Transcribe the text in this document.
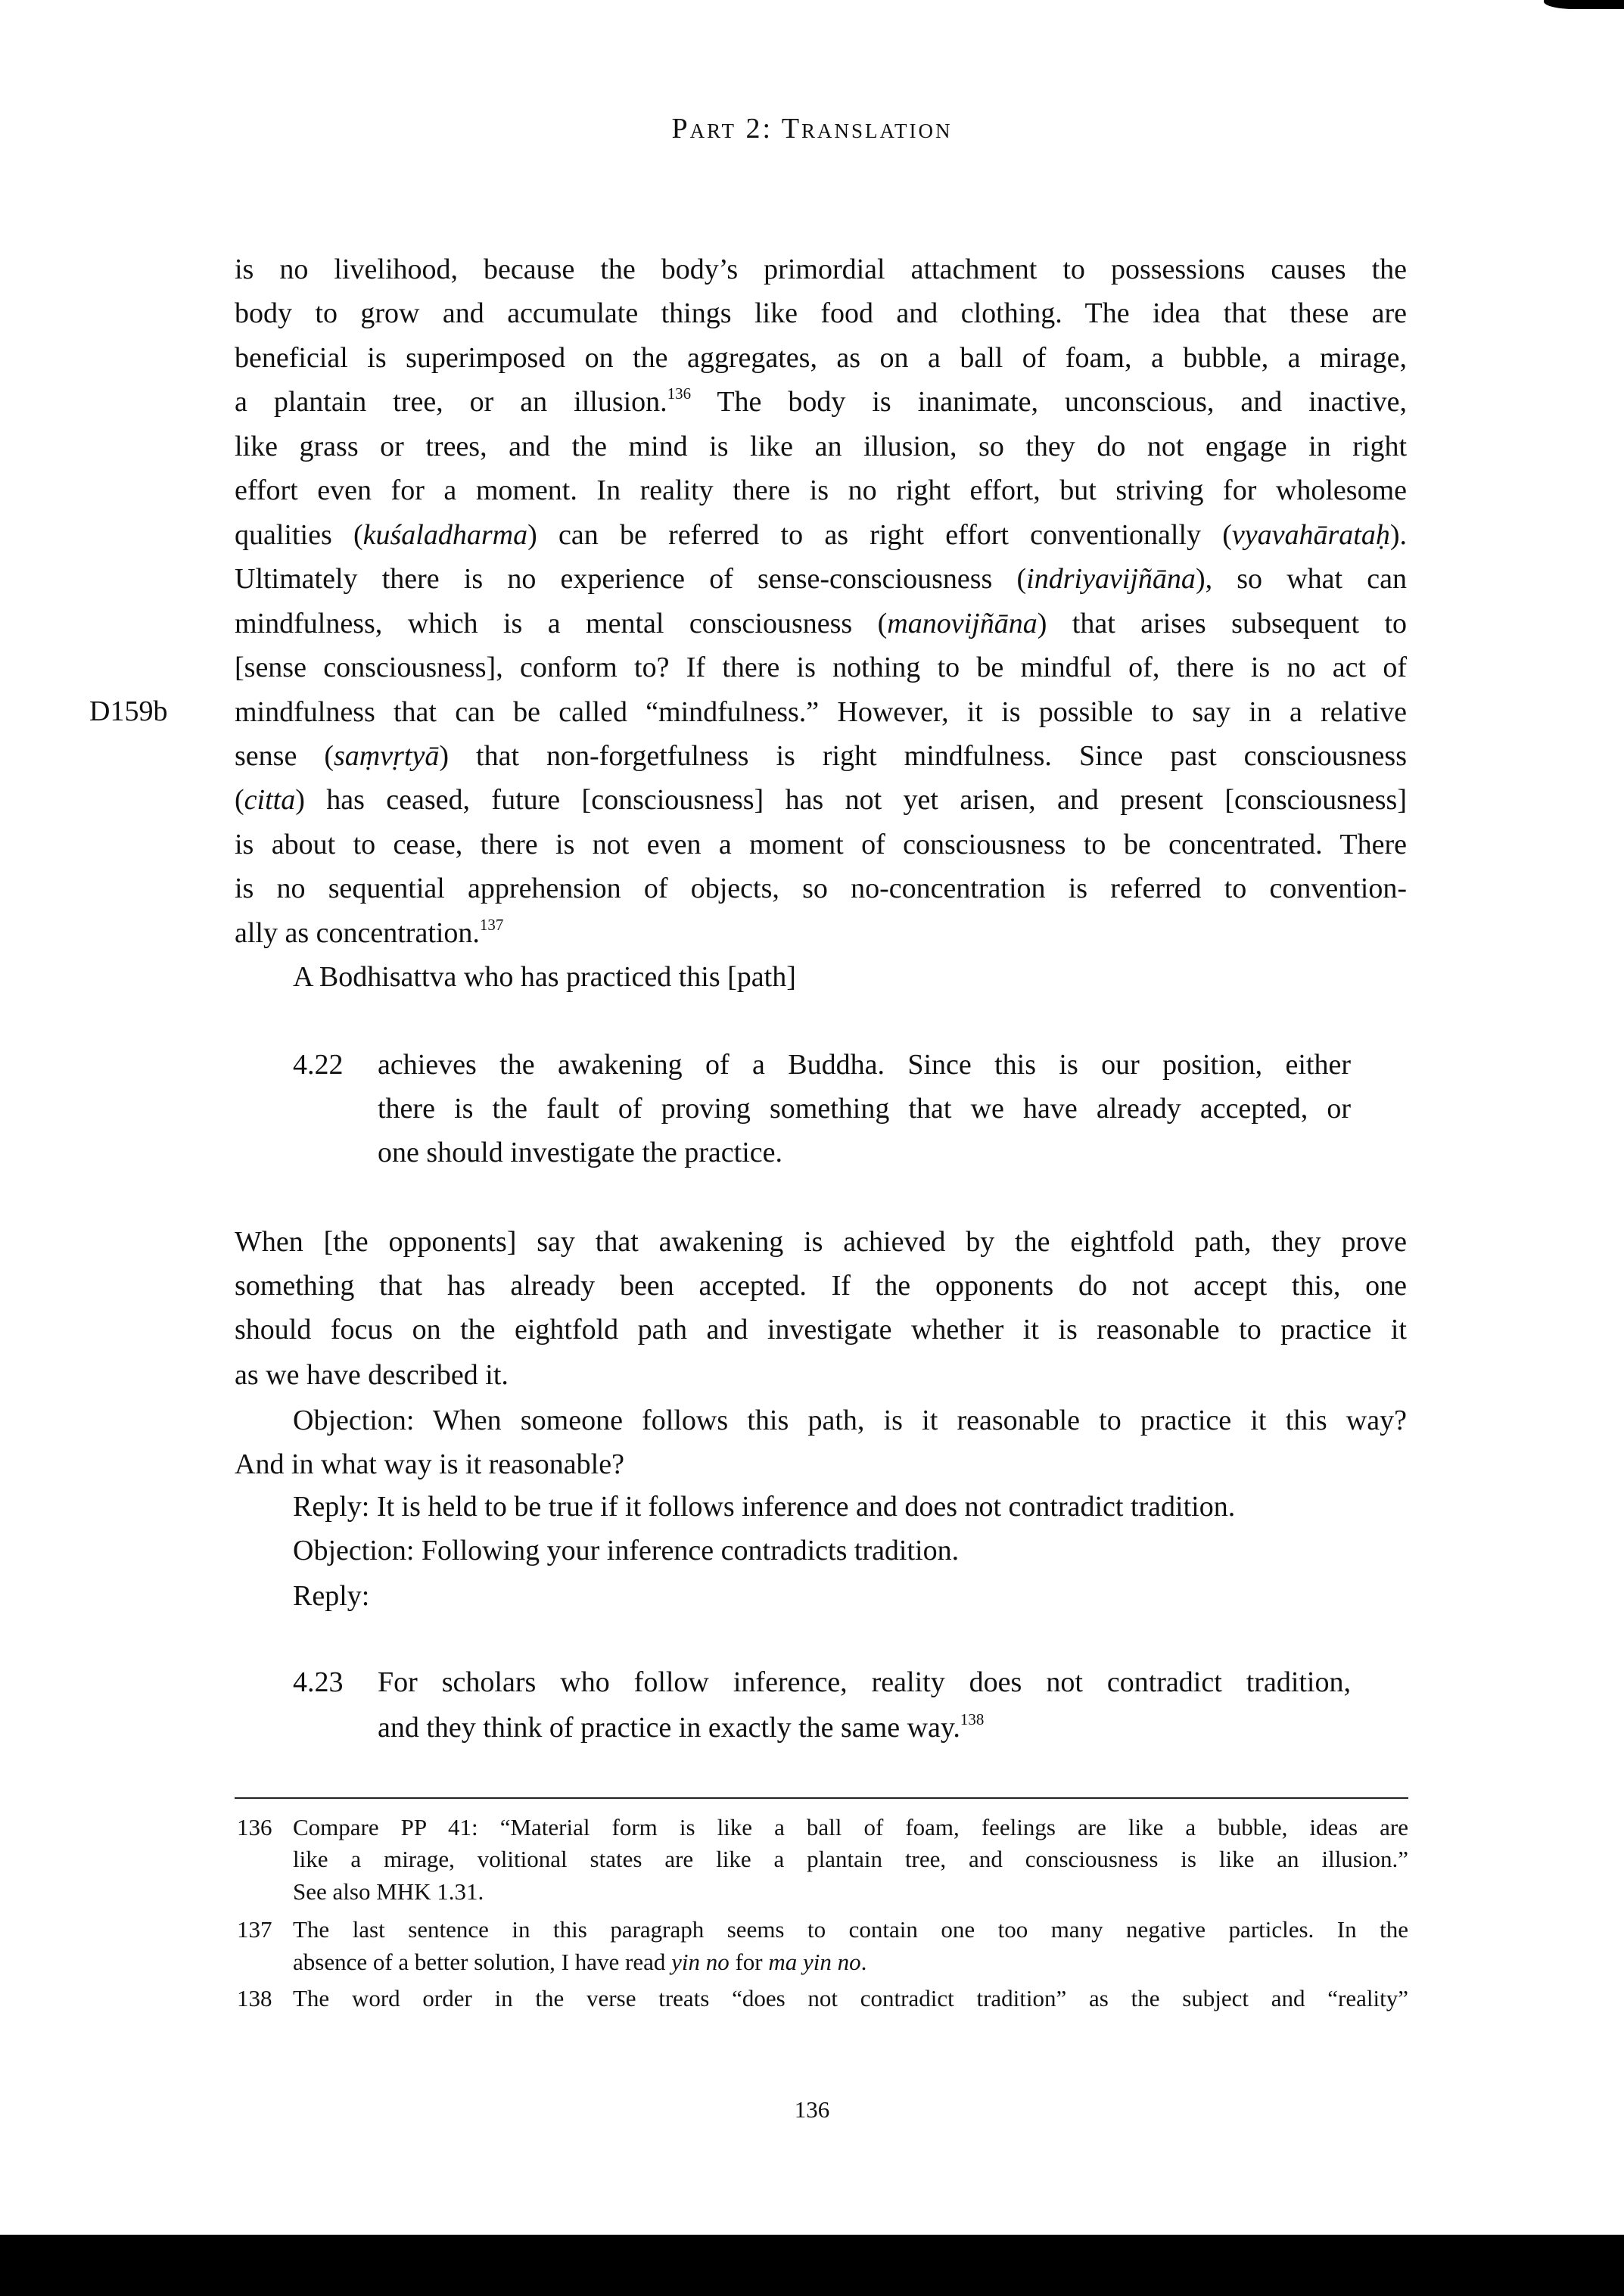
Part 2: Translation
D159b
is no livelihood, because the body’s primordial attachment to possessions causes the
body to grow and accumulate things like food and clothing. The idea that these are
beneficial is superimposed on the aggregates, as on a ball of foam, a bubble, a mirage,
a plantain tree, or an illusion.$^{136}$ The body is inanimate, unconscious, and inactive,
like grass or trees, and the mind is like an illusion, so they do not engage in right
effort even for a moment. In reality there is no right effort, but striving for wholesome
qualities (kuśaladharma) can be referred to as right effort conventionally (vyavahārataḥ).
Ultimately there is no experience of sense-consciousness (indriyavijñāna), so what can
mindfulness, which is a mental consciousness (manovijñāna) that arises subsequent to
[sense consciousness], conform to? If there is nothing to be mindful of, there is no act of
mindfulness that can be called “mindfulness.” However, it is possible to say in a relative
sense (saṃvṛtyā) that non-forgetfulness is right mindfulness. Since past consciousness
(citta) has ceased, future [consciousness] has not yet arisen, and present [consciousness]
is about to cease, there is not even a moment of consciousness to be concentrated. There
is no sequential apprehension of objects, so no-concentration is referred to convention-
ally as concentration.$^{137}$
A Bodhisattva who has practiced this [path]
4.22 achieves the awakening of a Buddha. Since this is our position, either
there is the fault of proving something that we have already accepted, or
one should investigate the practice.
When [the opponents] say that awakening is achieved by the eightfold path, they prove
something that has already been accepted. If the opponents do not accept this, one
should focus on the eightfold path and investigate whether it is reasonable to practice it
as we have described it.
Objection: When someone follows this path, is it reasonable to practice it this way?
And in what way is it reasonable?
Reply: It is held to be true if it follows inference and does not contradict tradition.
Objection: Following your inference contradicts tradition.
Reply:
4.23 For scholars who follow inference, reality does not contradict tradition,
and they think of practice in exactly the same way.$^{138}$
136 Compare PP 41: “Material form is like a ball of foam, feelings are like a bubble, ideas are
like a mirage, volitional states are like a plantain tree, and consciousness is like an illusion.”
See also MHK 1.31.
137 The last sentence in this paragraph seems to contain one too many negative particles. In the
absence of a better solution, I have read yin no for ma yin no.
138 The word order in the verse treats “does not contradict tradition” as the subject and “reality”
136
